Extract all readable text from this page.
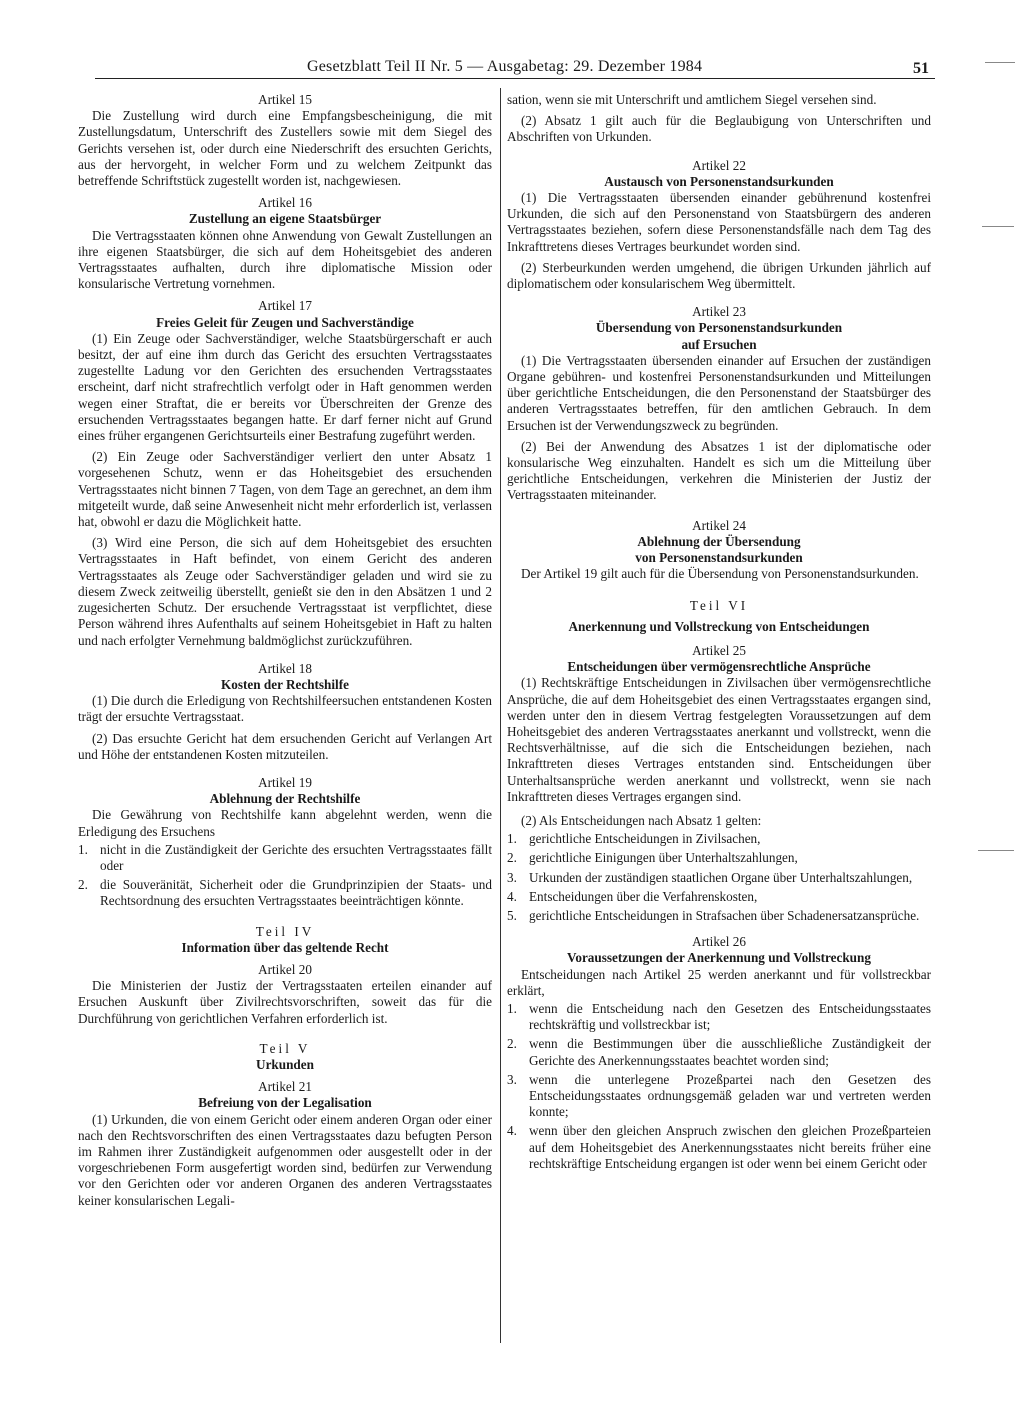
Gesetzblatt Teil II Nr. 5 — Ausgabetag: 29. Dezember 1984	51
Artikel 15

Die Zustellung wird durch eine Empfangsbescheinigung, die mit Zustellungsdatum, Unterschrift des Zustellers sowie mit dem Siegel des Gerichts versehen ist, oder durch eine Niederschrift des ersuchten Gerichts, aus der hervorgeht, in welcher Form und zu welchem Zeitpunkt das betreffende Schriftstück zugestellt worden ist, nachgewiesen.

Artikel 16
Zustellung an eigene Staatsbürger

Die Vertragsstaaten können ohne Anwendung von Gewalt Zustellungen an ihre eigenen Staatsbürger, die sich auf dem Hoheitsgebiet des anderen Vertragsstaates aufhalten, durch ihre diplomatische Mission oder konsularische Vertretung vornehmen.

Artikel 17
Freies Geleit für Zeugen und Sachverständige

(1) Ein Zeuge oder Sachverständiger, welche Staatsbürgerschaft er auch besitzt, der auf eine ihm durch das Gericht des ersuchten Vertragsstaates zugestellte Ladung vor den Gerichten des ersuchenden Vertragsstaates erscheint, darf nicht strafrechtlich verfolgt oder in Haft genommen werden wegen einer Straftat, die er bereits vor Überschreiten der Grenze des ersuchenden Vertragsstaates begangen hatte. Er darf ferner nicht auf Grund eines früher ergangenen Gerichtsurteils einer Bestrafung zugeführt werden.

(2) Ein Zeuge oder Sachverständiger verliert den unter Absatz 1 vorgesehenen Schutz, wenn er das Hoheitsgebiet des ersuchenden Vertragsstaates nicht binnen 7 Tagen, von dem Tage an gerechnet, an dem ihm mitgeteilt wurde, daß seine Anwesenheit nicht mehr erforderlich ist, verlassen hat, obwohl er dazu die Möglichkeit hatte.

(3) Wird eine Person, die sich auf dem Hoheitsgebiet des ersuchten Vertragsstaates in Haft befindet, von einem Gericht des anderen Vertragsstaates als Zeuge oder Sachverständiger geladen und wird sie zu diesem Zweck zeitweilig überstellt, genießt sie den in den Absätzen 1 und 2 zugesicherten Schutz. Der ersuchende Vertragsstaat ist verpflichtet, diese Person während ihres Aufenthalts auf seinem Hoheitsgebiet in Haft zu halten und nach erfolgter Vernehmung baldmöglichst zurückzuführen.

Artikel 18
Kosten der Rechtshilfe

(1) Die durch die Erledigung von Rechtshilfeersuchen entstandenen Kosten trägt der ersuchte Vertragsstaat.

(2) Das ersuchte Gericht hat dem ersuchenden Gericht auf Verlangen Art und Höhe der entstandenen Kosten mitzuteilen.

Artikel 19
Ablehnung der Rechtshilfe

Die Gewährung von Rechtshilfe kann abgelehnt werden, wenn die Erledigung des Ersuchens

1. nicht in die Zuständigkeit der Gerichte des ersuchten Vertragsstaates fällt oder
2. die Souveränität, Sicherheit oder die Grundprinzipien der Staats- und Rechtsordnung des ersuchten Vertragsstaates beeinträchtigen könnte.
Teil IV
Information über das geltende Recht
Artikel 20

Die Ministerien der Justiz der Vertragsstaaten erteilen einander auf Ersuchen Auskunft über Zivilrechtsvorschriften, soweit das für die Durchführung von gerichtlichen Verfahren erforderlich ist.

Teil V
Urkunden
Artikel 21
Befreiung von der Legalisation

(1) Urkunden, die von einem Gericht oder einem anderen Organ oder einer nach den Rechtsvorschriften des einen Vertragsstaates dazu befugten Person im Rahmen ihrer Zuständigkeit aufgenommen oder ausgestellt oder in der vorgeschriebenen Form ausgefertigt worden sind, bedürfen zur Verwendung vor den Gerichten oder vor anderen Organen des anderen Vertragsstaates keiner konsularischen Legali-

sation, wenn sie mit Unterschrift und amtlichem Siegel versehen sind.

(2) Absatz 1 gilt auch für die Beglaubigung von Unterschriften und Abschriften von Urkunden.

Artikel 22
Austausch von Personenstandsurkunden

(1) Die Vertragsstaaten übersenden einander gebührenund kostenfrei Urkunden, die sich auf den Personenstand von Staatsbürgern des anderen Vertragsstaates beziehen, sofern diese Personenstandsfälle nach dem Tag des Inkrafttretens dieses Vertrages beurkundet worden sind.

(2) Sterbeurkunden werden umgehend, die übrigen Urkunden jährlich auf diplomatischem oder konsularischem Weg übermittelt.

Artikel 23
Übersendung von Personenstandsurkunden
auf Ersuchen

(1) Die Vertragsstaaten übersenden einander auf Ersuchen der zuständigen Organe gebühren- und kostenfrei Personenstandsurkunden und Mitteilungen über gerichtliche Entscheidungen, die den Personenstand der Staatsbürger des anderen Vertragsstaates betreffen, für den amtlichen Gebrauch. In dem Ersuchen ist der Verwendungszweck zu begründen.

(2) Bei der Anwendung des Absatzes 1 ist der diplomatische oder konsularische Weg einzuhalten. Handelt es sich um die Mitteilung über gerichtliche Entscheidungen, verkehren die Ministerien der Justiz der Vertragsstaaten miteinander.

Artikel 24
Ablehnung der Übersendung
von Personenstandsurkunden

Der Artikel 19 gilt auch für die Übersendung von Personenstandsurkunden.

Teil VI
Anerkennung und Vollstreckung von Entscheidungen
Artikel 25
Entscheidungen über vermögensrechtliche Ansprüche

(1) Rechtskräftige Entscheidungen in Zivilsachen über vermögensrechtliche Ansprüche, die auf dem Hoheitsgebiet des einen Vertragsstaates ergangen sind, werden unter den in diesem Vertrag festgelegten Voraussetzungen auf dem Hoheitsgebiet des anderen Vertragsstaates anerkannt und vollstreckt, wenn die Rechtsverhältnisse, auf die sich die Entscheidungen beziehen, nach Inkrafttreten dieses Vertrages entstanden sind. Entscheidungen über Unterhaltsansprüche werden anerkannt und vollstreckt, wenn sie nach Inkrafttreten dieses Vertrages ergangen sind.

(2) Als Entscheidungen nach Absatz 1 gelten:

1. gerichtliche Entscheidungen in Zivilsachen,
2. gerichtliche Einigungen über Unterhaltszahlungen,
3. Urkunden der zuständigen staatlichen Organe über Unterhaltszahlungen,
4. Entscheidungen über die Verfahrenskosten,
5. gerichtliche Entscheidungen in Strafsachen über Schadenersatzansprüche.
Artikel 26
Voraussetzungen der Anerkennung und Vollstreckung

Entscheidungen nach Artikel 25 werden anerkannt und für vollstreckbar erklärt,

1. wenn die Entscheidung nach den Gesetzen des Entscheidungsstaates rechtskräftig und vollstreckbar ist;
2. wenn die Bestimmungen über die ausschließliche Zuständigkeit der Gerichte des Anerkennungsstaates beachtet worden sind;
3. wenn die unterlegene Prozeßpartei nach den Gesetzen des Entscheidungsstaates ordnungsgemäß geladen war und vertreten werden konnte;
4. wenn über den gleichen Anspruch zwischen den gleichen Prozeßparteien auf dem Hoheitsgebiet des Anerkennungsstaates nicht bereits früher eine rechtskräftige Entscheidung ergangen ist oder wenn bei einem Gericht oder
